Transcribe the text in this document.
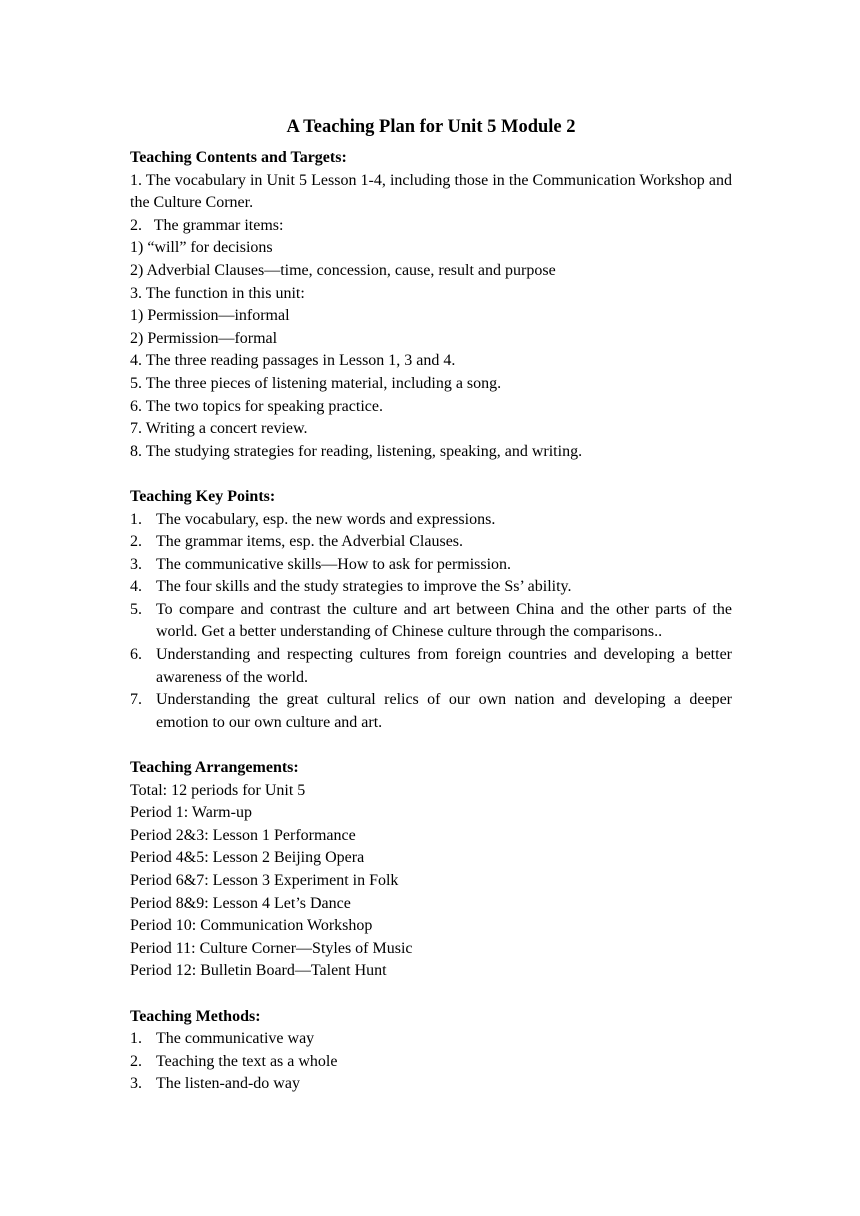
A Teaching Plan for Unit 5 Module 2
Teaching Contents and Targets:
1. The vocabulary in Unit 5 Lesson 1-4, including those in the Communication Workshop and the Culture Corner.
2.   The grammar items:
1) “will” for decisions
2) Adverbial Clauses―time, concession, cause, result and purpose
3. The function in this unit:
1) Permission―informal
2) Permission―formal
4. The three reading passages in Lesson 1, 3 and 4.
5. The three pieces of listening material, including a song.
6. The two topics for speaking practice.
7. Writing a concert review.
8. The studying strategies for reading, listening, speaking, and writing.
Teaching Key Points:
1. The vocabulary, esp. the new words and expressions.
2. The grammar items, esp. the Adverbial Clauses.
3. The communicative skills―How to ask for permission.
4. The four skills and the study strategies to improve the Ss’ ability.
5. To compare and contrast the culture and art between China and the other parts of the world. Get a better understanding of Chinese culture through the comparisons..
6. Understanding and respecting cultures from foreign countries and developing a better awareness of the world.
7. Understanding the great cultural relics of our own nation and developing a deeper emotion to our own culture and art.
Teaching Arrangements:
Total: 12 periods for Unit 5
Period 1: Warm-up
Period 2&3: Lesson 1 Performance
Period 4&5: Lesson 2 Beijing Opera
Period 6&7: Lesson 3 Experiment in Folk
Period 8&9: Lesson 4 Let’s Dance
Period 10: Communication Workshop
Period 11: Culture Corner―Styles of Music
Period 12: Bulletin Board―Talent Hunt
Teaching Methods:
1. The communicative way
2. Teaching the text as a whole
3. The listen-and-do way
